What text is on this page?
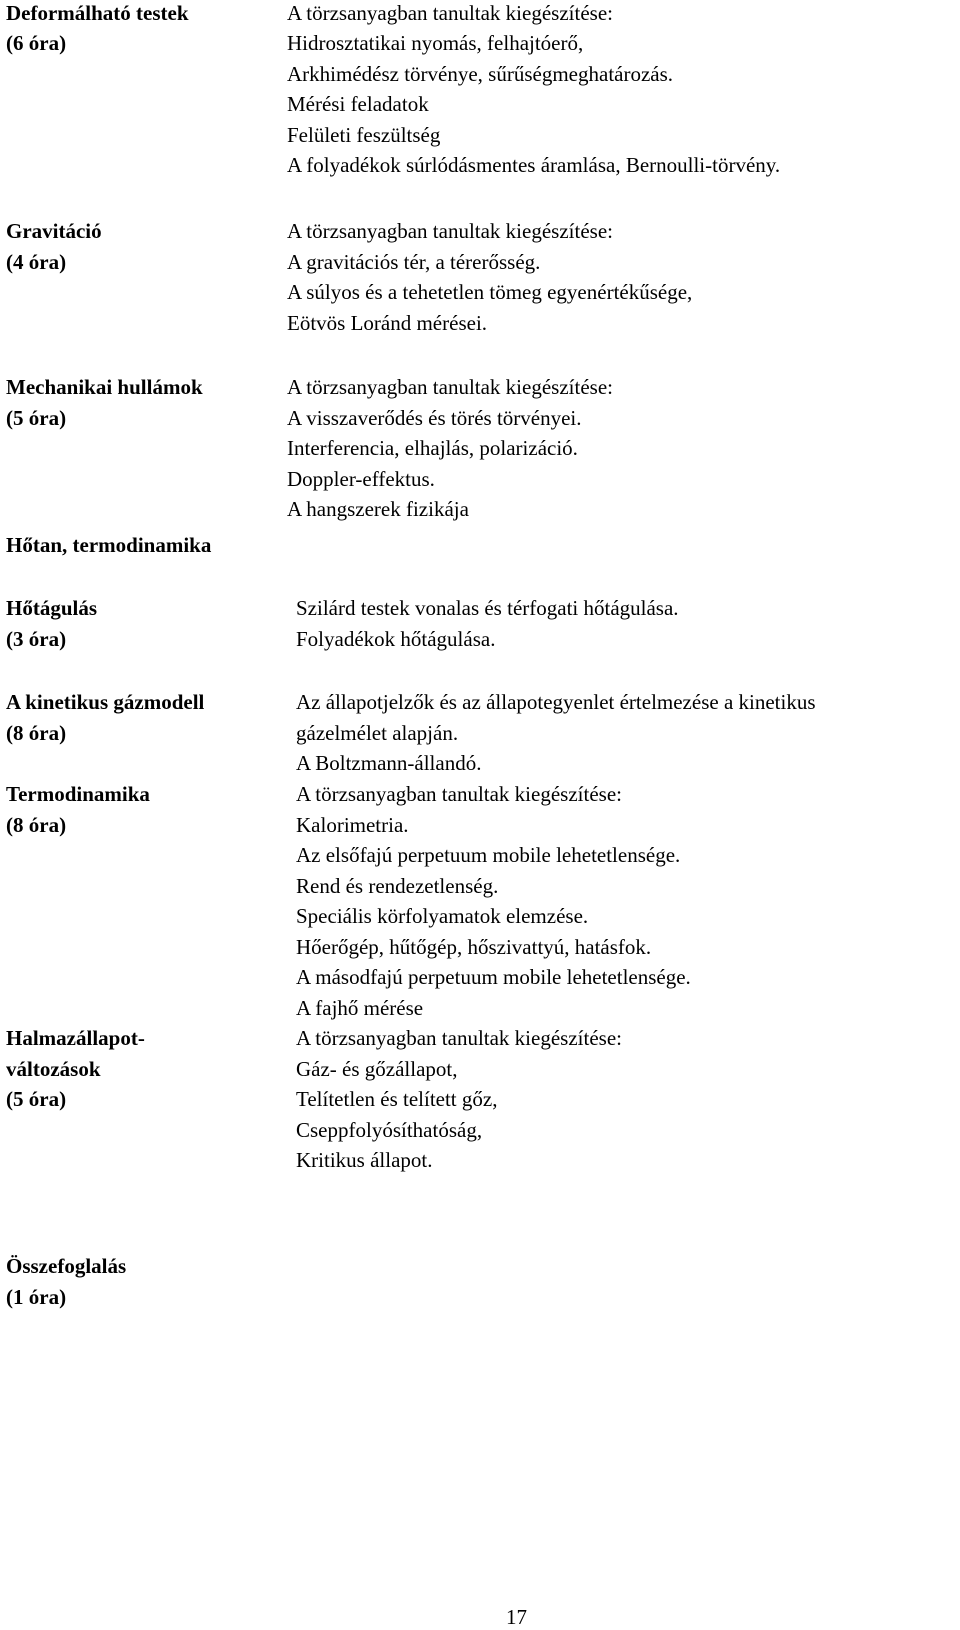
Deformálható testek
(6 óra)
A törzsanyagban tanultak kiegészítése:
Hidrosztatikai nyomás, felhajtóerő,
Arkhimédész törvénye, sűrűségmeghatározás.
Mérési feladatok
Felületi feszültség
A folyadékok súrlódásmentes áramlása, Bernoulli-törvény.
Gravitáció
(4 óra)
A törzsanyagban tanultak kiegészítése:
A gravitációs tér, a térerősség.
A súlyos és a tehetetlen tömeg egyenértékűsége,
Eötvös Loránd mérései.
Mechanikai hullámok
(5 óra)
A törzsanyagban tanultak kiegészítése:
A visszaverődés és törés törvényei.
Interferencia, elhajlás, polarizáció.
Doppler-effektus.
A hangszerek fizikája
Hőtan, termodinamika
Hőtágulás
(3 óra)
Szilárd testek vonalas és térfogati hőtágulása.
Folyadékok hőtágulása.
A kinetikus gázmodell
(8 óra)
Az állapotjelzők és az állapotegyenlet értelmezése a kinetikus
gázelmélet alapján.
A Boltzmann-állandó.
Termodinamika
(8 óra)
A törzsanyagban tanultak kiegészítése:
Kalorimetria.
Az elsőfajú perpetuum mobile lehetetlensége.
Rend és rendezetlenség.
Speciális körfolyamatok elemzése.
Hőerőgép, hűtőgép, hőszivattyú, hatásfok.
A másodfajú perpetuum mobile lehetetlensége.
A fajhő mérése
Halmazállapot-
változások
(5 óra)
A törzsanyagban tanultak kiegészítése:
Gáz- és gőzállapot,
Telítetlen és telített gőz,
Cseppfolyósíthatóság,
Kritikus állapot.
Összefoglalás
(1 óra)
17
